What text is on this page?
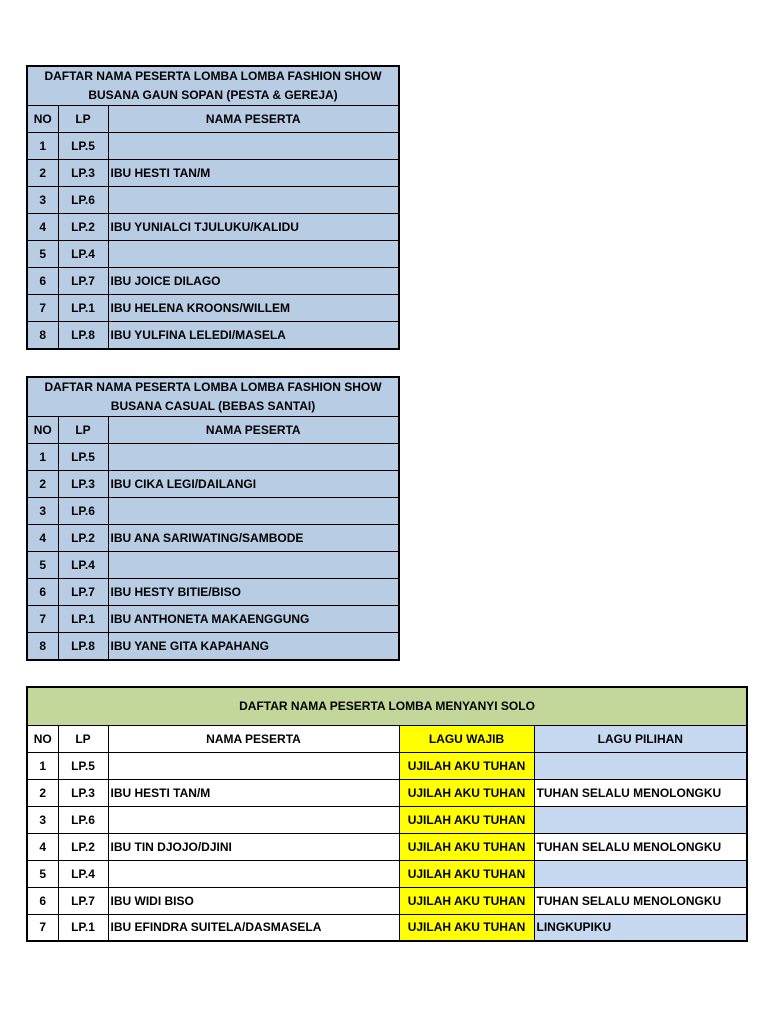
DAFTAR NAMA PESERTA LOMBA LOMBA FASHION SHOW
BUSANA GAUN SOPAN (PESTA & GEREJA)		

NO	LP	NAMA PESERTA
1	LP.5	
2	LP.3	IBU HESTI TAN/M
3	LP.6	
4	LP.2	IBU YUNIALCI TJULUKU/KALIDU
5	LP.4	
6	LP.7	IBU JOICE DILAGO
7	LP.1	IBU HELENA KROONS/WILLEM
8	LP.8	IBU YULFINA LELEDI/MASELA
DAFTAR NAMA PESERTA LOMBA LOMBA FASHION SHOW
BUSANA CASUAL (BEBAS SANTAI)		

NO	LP	NAMA PESERTA
1	LP.5	
2	LP.3	IBU CIKA LEGI/DAILANGI
3	LP.6	
4	LP.2	IBU ANA SARIWATING/SAMBODE
5	LP.4	
6	LP.7	IBU HESTY BITIE/BISO
7	LP.1	IBU ANTHONETA MAKAENGGUNG
8	LP.8	IBU YANE GITA KAPAHANG
DAFTAR NAMA PESERTA LOMBA MENYANYI SOLO				
NO	LP	NAMA PESERTA	LAGU WAJIB	LAGU PILIHAN
1	LP.5		UJILAH AKU TUHAN	
2	LP.3	IBU HESTI TAN/M	UJILAH AKU TUHAN	TUHAN SELALU MENOLONGKU
3	LP.6		UJILAH AKU TUHAN	
4	LP.2	IBU TIN DJOJO/DJINI	UJILAH AKU TUHAN	TUHAN SELALU MENOLONGKU
5	LP.4		UJILAH AKU TUHAN	
6	LP.7	IBU WIDI BISO	UJILAH AKU TUHAN	TUHAN SELALU MENOLONGKU
7	LP.1	IBU EFINDRA SUITELA/DASMASELA	UJILAH AKU TUHAN	LINGKUPIKU
